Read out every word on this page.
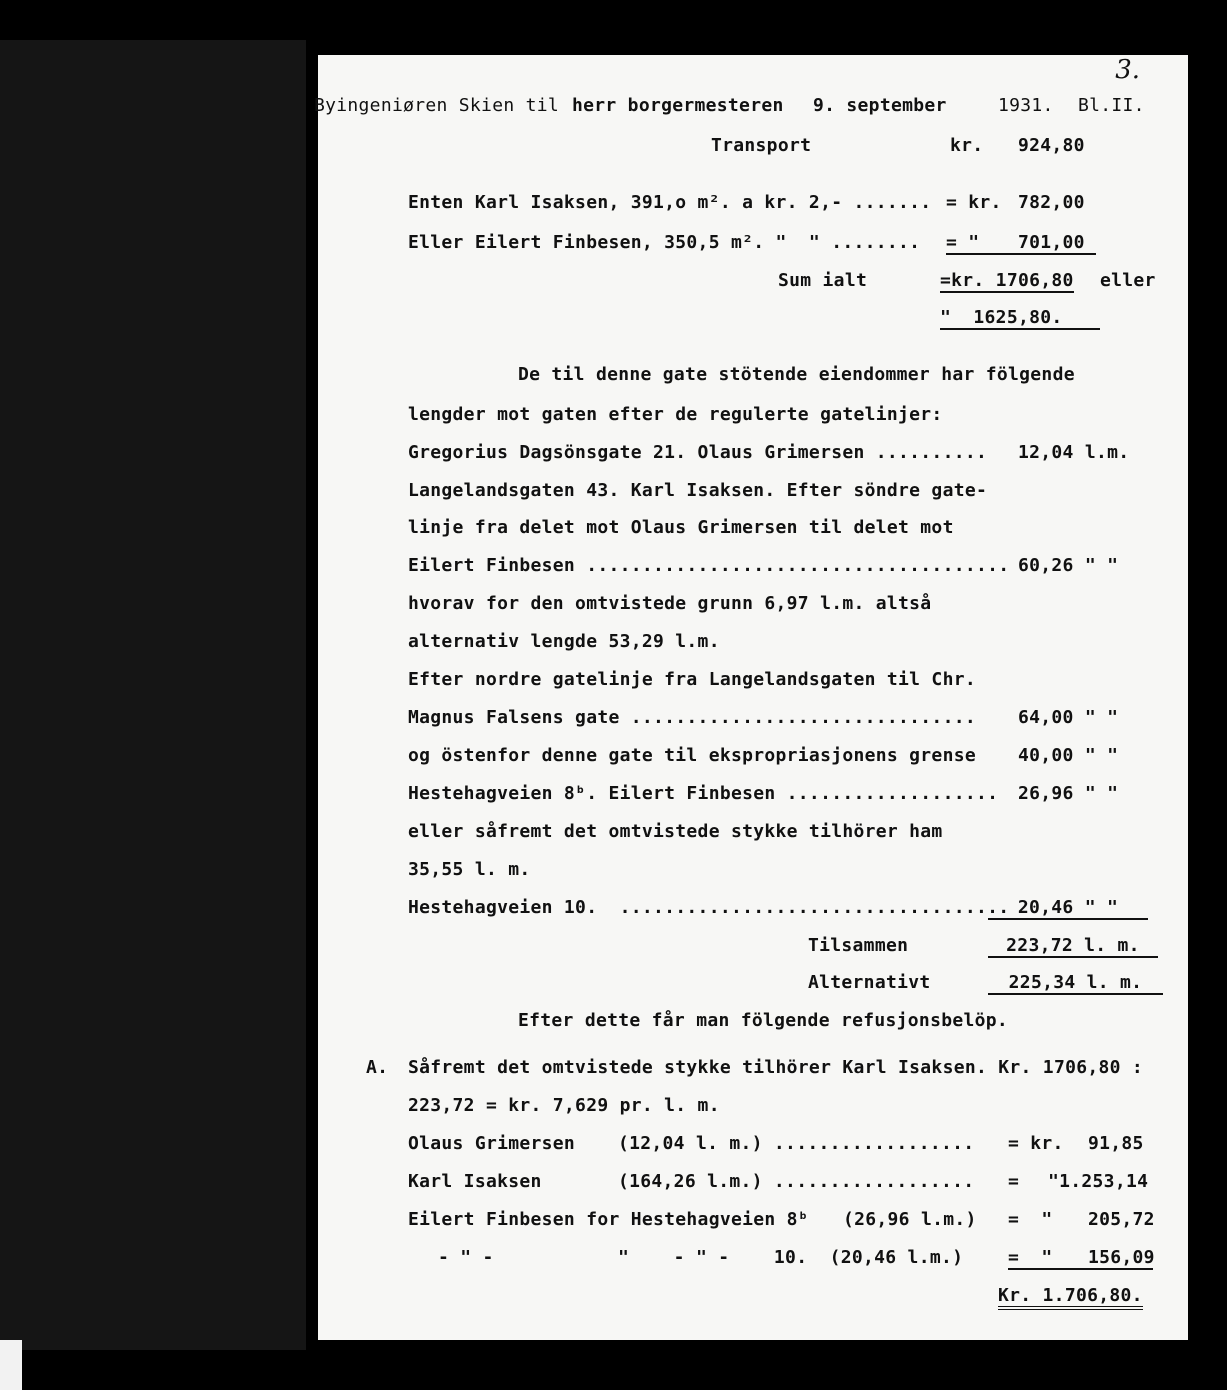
3.
Byingeniøren Skien til herr borgermesteren 9. september	1931. Bl.II.
Transport	kr. 924,80
Enten Karl Isaksen, 391,o m². a kr. 2,- ....... = kr. 782,00
Eller Eilert Finbesen, 350,5 m². "  " ........ = "	701,00
Sum ialt	=kr. 1706,80 eller
"  1625,80.
De til denne gate stötende eiendommer har fölgende
lengder mot gaten efter de regulerte gatelinjer:
Gregorius Dagsönsgate 21. Olaus Grimersen .......... 12,04 l.m.
Langelandsgaten 43. Karl Isaksen. Efter söndre gate-
linje fra delet mot Olaus Grimersen til delet mot
Eilert Finbesen ...................................... 60,26 " "
hvorav for den omtvistede grunn 6,97 l.m. altså
alternativ lengde 53,29 l.m.
Efter nordre gatelinje fra Langelandsgaten til Chr.
Magnus Falsens gate ............................... 64,00 " "
og östenfor denne gate til ekspropriasjonens grense 40,00 " "
Hestehagveien 8ᵇ. Eilert Finbesen ................... 26,96 " "
eller såfremt det omtvistede stykke tilhörer ham
35,55 l. m.
Hestehagveien 10.  ................................... 20,46 " "
Tilsammen	223,72 l. m.
Alternativt	225,34 l. m.
Efter dette får man fölgende refusjonsbelöp.
A. Såfremt det omtvistede stykke tilhörer Karl Isaksen. Kr. 1706,80 :
223,72 = kr. 7,629 pr. l. m.
Olaus Grimersen (12,04 l. m.) .................. = kr. 91,85
Karl Isaksen	(164,26 l.m.) .................. = "1.253,14
Eilert Finbesen for Hestehagveien 8ᵇ (26,96 l.m.) =  " 205,72
- " -	"    - " -    10.  (20,46 l.m.) =  "	156,09
Kr. 1.706,80.
